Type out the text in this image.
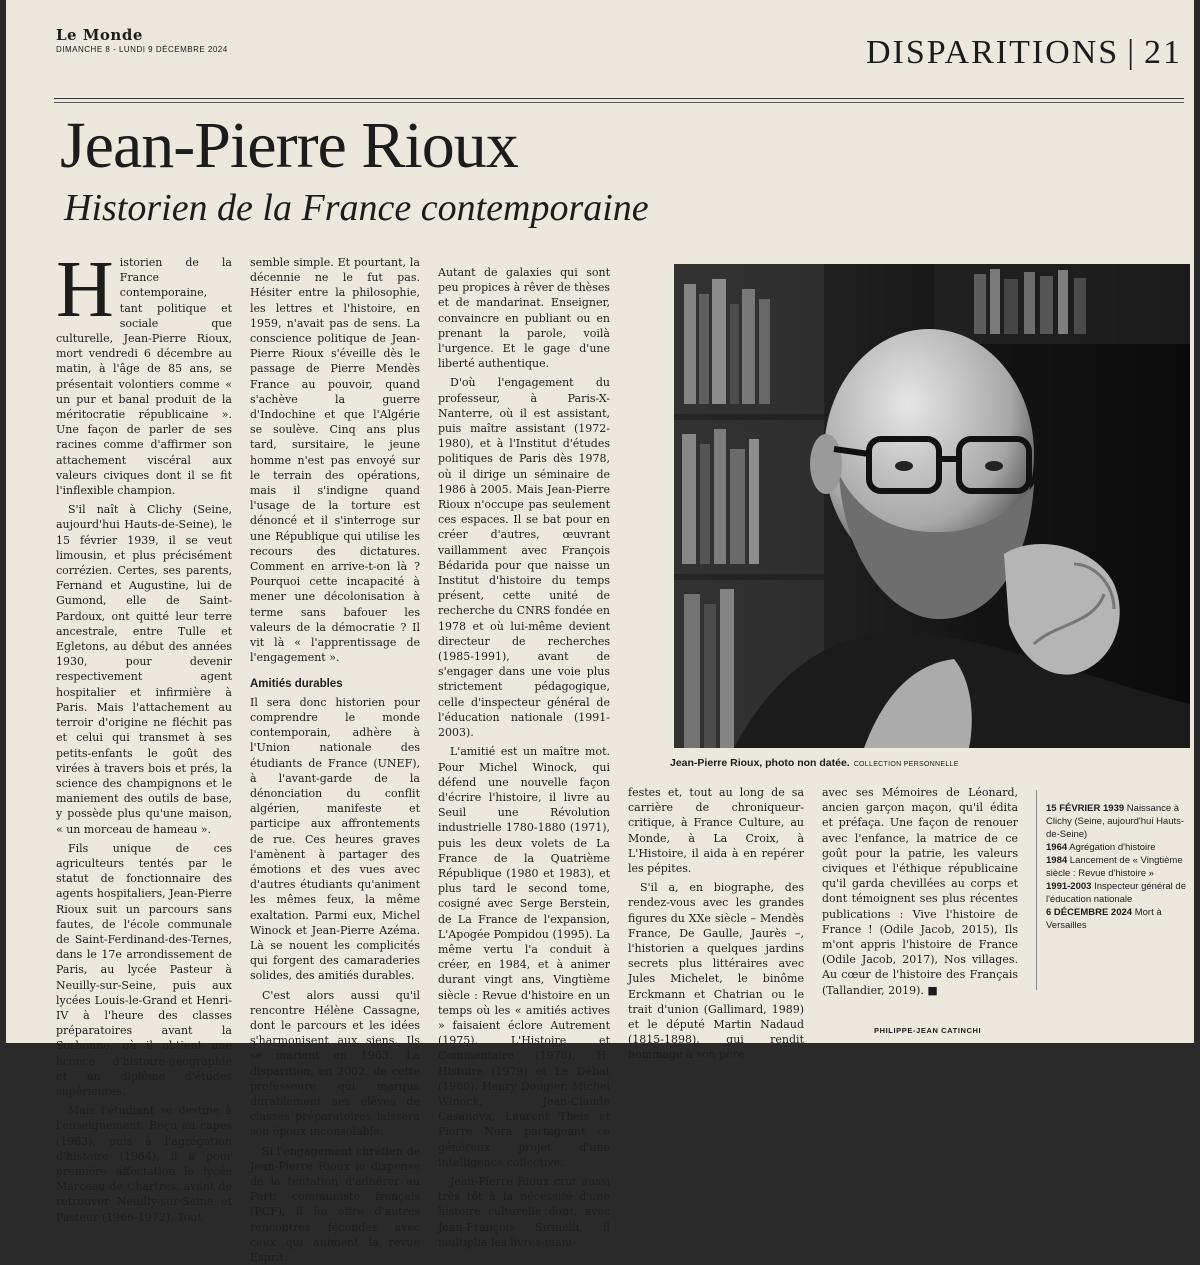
Le Monde
DIMANCHE 8 - LUNDI 9 DÉCEMBRE 2024	DISPARITIONS | 21
Jean-Pierre Rioux
Historien de la France contemporaine

Historien de la France contemporaine, tant politique et sociale que culturelle, Jean-Pierre Rioux, mort vendredi 6 décembre au matin, à l'âge de 85 ans, se présentait volontiers comme « un pur et banal produit de la méritocratie républicaine ». Une façon de parler de ses racines comme d'affirmer son attachement viscéral aux valeurs civiques dont il se fit l'inflexible champion.

S'il naît à Clichy (Seine, aujourd'hui Hauts-de-Seine), le 15 février 1939, il se veut limousin, et plus précisément corrézien. Certes, ses parents, Fernand et Augustine, lui de Gumond, elle de Saint-Pardoux, ont quitté leur terre ancestrale, entre Tulle et Egletons, au début des années 1930, pour devenir respectivement agent hospitalier et infirmière à Paris. Mais l'attachement au terroir d'origine ne fléchit pas et celui qui transmet à ses petits-enfants le goût des virées à travers bois et prés, la science des champignons et le maniement des outils de base, y possède plus qu'une maison, « un morceau de hameau ».

Fils unique de ces agriculteurs tentés par le statut de fonctionnaire des agents hospitaliers, Jean-Pierre Rioux suit un parcours sans fautes, de l'école communale de Saint-Ferdinand-des-Ternes, dans le 17e arrondissement de Paris, au lycée Pasteur à Neuilly-sur-Seine, puis aux lycées Louis-le-Grand et Henri-IV à l'heure des classes préparatoires avant la Sorbonne, où il obtient une licence d'histoire-géographie et un diplôme d'études supérieures.

Mais l'étudiant se destine à l'enseignement. Reçu au capes (1963), puis à l'agrégation d'histoire (1964), il a pour première affectation le lycée Marceau de Chartres, avant de retrouver Neuilly-sur-Seine et Pasteur (1966-1972). Tout

semble simple. Et pourtant, la décennie ne le fut pas. Hésiter entre la philosophie, les lettres et l'histoire, en 1959, n'avait pas de sens. La conscience politique de Jean-Pierre Rioux s'éveille dès le passage de Pierre Mendès France au pouvoir, quand s'achève la guerre d'Indochine et que l'Algérie se soulève. Cinq ans plus tard, sursitaire, le jeune homme n'est pas envoyé sur le terrain des opérations, mais il s'indigne quand l'usage de la torture est dénoncé et il s'interroge sur une République qui utilise les recours des dictatures. Comment en arrive-t-on là ? Pourquoi cette incapacité à mener une décolonisation à terme sans bafouer les valeurs de la démocratie ? Il vit là « l'apprentissage de l'engagement ».

Amitiés durables

Il sera donc historien pour comprendre le monde contemporain, adhère à l'Union nationale des étudiants de France (UNEF), à l'avant-garde de la dénonciation du conflit algérien, manifeste et participe aux affrontements de rue. Ces heures graves l'amènent à partager des émotions et des vues avec d'autres étudiants qu'animent les mêmes feux, la même exaltation. Parmi eux, Michel Winock et Jean-Pierre Azéma. Là se nouent les complicités qui forgent des camaraderies solides, des amitiés durables.

C'est alors aussi qu'il rencontre Hélène Cassagne, dont le parcours et les idées s'harmonisent aux siens. Ils se marient en 1963. La disparition, en 2002, de cette professeure qui marqua durablement ses élèves de classes préparatoires laissera son époux inconsolable.

Si l'engagement chrétien de Jean-Pierre Rioux le dispense de la tentation d'adhérer au Parti communiste français (PCF), il lui offre d'autres rencontres fécondes avec ceux qui animent la revue Esprit.

Autant de galaxies qui sont peu propices à rêver de thèses et de mandarinat. Enseigner, convaincre en publiant ou en prenant la parole, voilà l'urgence. Et le gage d'une liberté authentique.

D'où l'engagement du professeur, à Paris-X-Nanterre, où il est assistant, puis maître assistant (1972-1980), et à l'Institut d'études politiques de Paris dès 1978, où il dirige un séminaire de 1986 à 2005. Mais Jean-Pierre Rioux n'occupe pas seulement ces espaces. Il se bat pour en créer d'autres, œuvrant vaillamment avec François Bédarida pour que naisse un Institut d'histoire du temps présent, cette unité de recherche du CNRS fondée en 1978 et où lui-même devient directeur de recherches (1985-1991), avant de s'engager dans une voie plus strictement pédagogique, celle d'inspecteur général de l'éducation nationale (1991-2003).

L'amitié est un maître mot. Pour Michel Winock, qui défend une nouvelle façon d'écrire l'histoire, il livre au Seuil une Révolution industrielle 1780-1880 (1971), puis les deux volets de La France de la Quatrième République (1980 et 1983), et plus tard le second tome, cosigné avec Serge Berstein, de La France de l'expansion, L'Apogée Pompidou (1995). La même vertu l'a conduit à créer, en 1984, et à animer durant vingt ans, Vingtième siècle : Revue d'histoire en un temps où les « amitiés actives » faisaient éclore Autrement (1975), L'Histoire et Commentaire (1978), H-Histoire (1979) et Le Débat (1980), Henry Dougier, Michel Winock, Jean-Claude Casanova, Laurent Theis et Pierre Nora partageant ce généreux projet d'une intelligence collective.

Jean-Pierre Rioux crut aussi très tôt à la nécessité d'une histoire culturelle dont, avec Jean-François Sirinelli, il multiplia les livres-mani-

Jean-Pierre Rioux, photo non datée. COLLECTION PERSONNELLE

festes et, tout au long de sa carrière de chroniqueur-critique, à France Culture, au Monde, à La Croix, à L'Histoire, il aida à en repérer les pépites.

S'il a, en biographe, des rendez-vous avec les grandes figures du XXe siècle – Mendès France, De Gaulle, Jaurès –, l'historien a quelques jardins secrets plus littéraires avec Jules Michelet, le binôme Erckmann et Chatrian ou le trait d'union (Gallimard, 1989) et le député Martin Nadaud (1815-1898), qui rendit hommage à son père

avec ses Mémoires de Léonard, ancien garçon maçon, qu'il édita et préfaça. Une façon de renouer avec l'enfance, la matrice de ce goût pour la patrie, les valeurs civiques et l'éthique républicaine qu'il garda chevillées au corps et dont témoignent ses plus récentes publications : Vive l'histoire de France ! (Odile Jacob, 2015), Ils m'ont appris l'histoire de France (Odile Jacob, 2017), Nos villages. Au cœur de l'histoire des Français (Tallandier, 2019). ■

15 FÉVRIER 1939 Naissance à Clichy (Seine, aujourd'hui Hauts-de-Seine)
1964 Agrégation d'histoire
1984 Lancement de « Vingtième siècle : Revue d'histoire »
1991-2003 Inspecteur général de l'éducation nationale
6 DÉCEMBRE 2024 Mort à Versailles
PHILIPPE-JEAN CATINCHI
